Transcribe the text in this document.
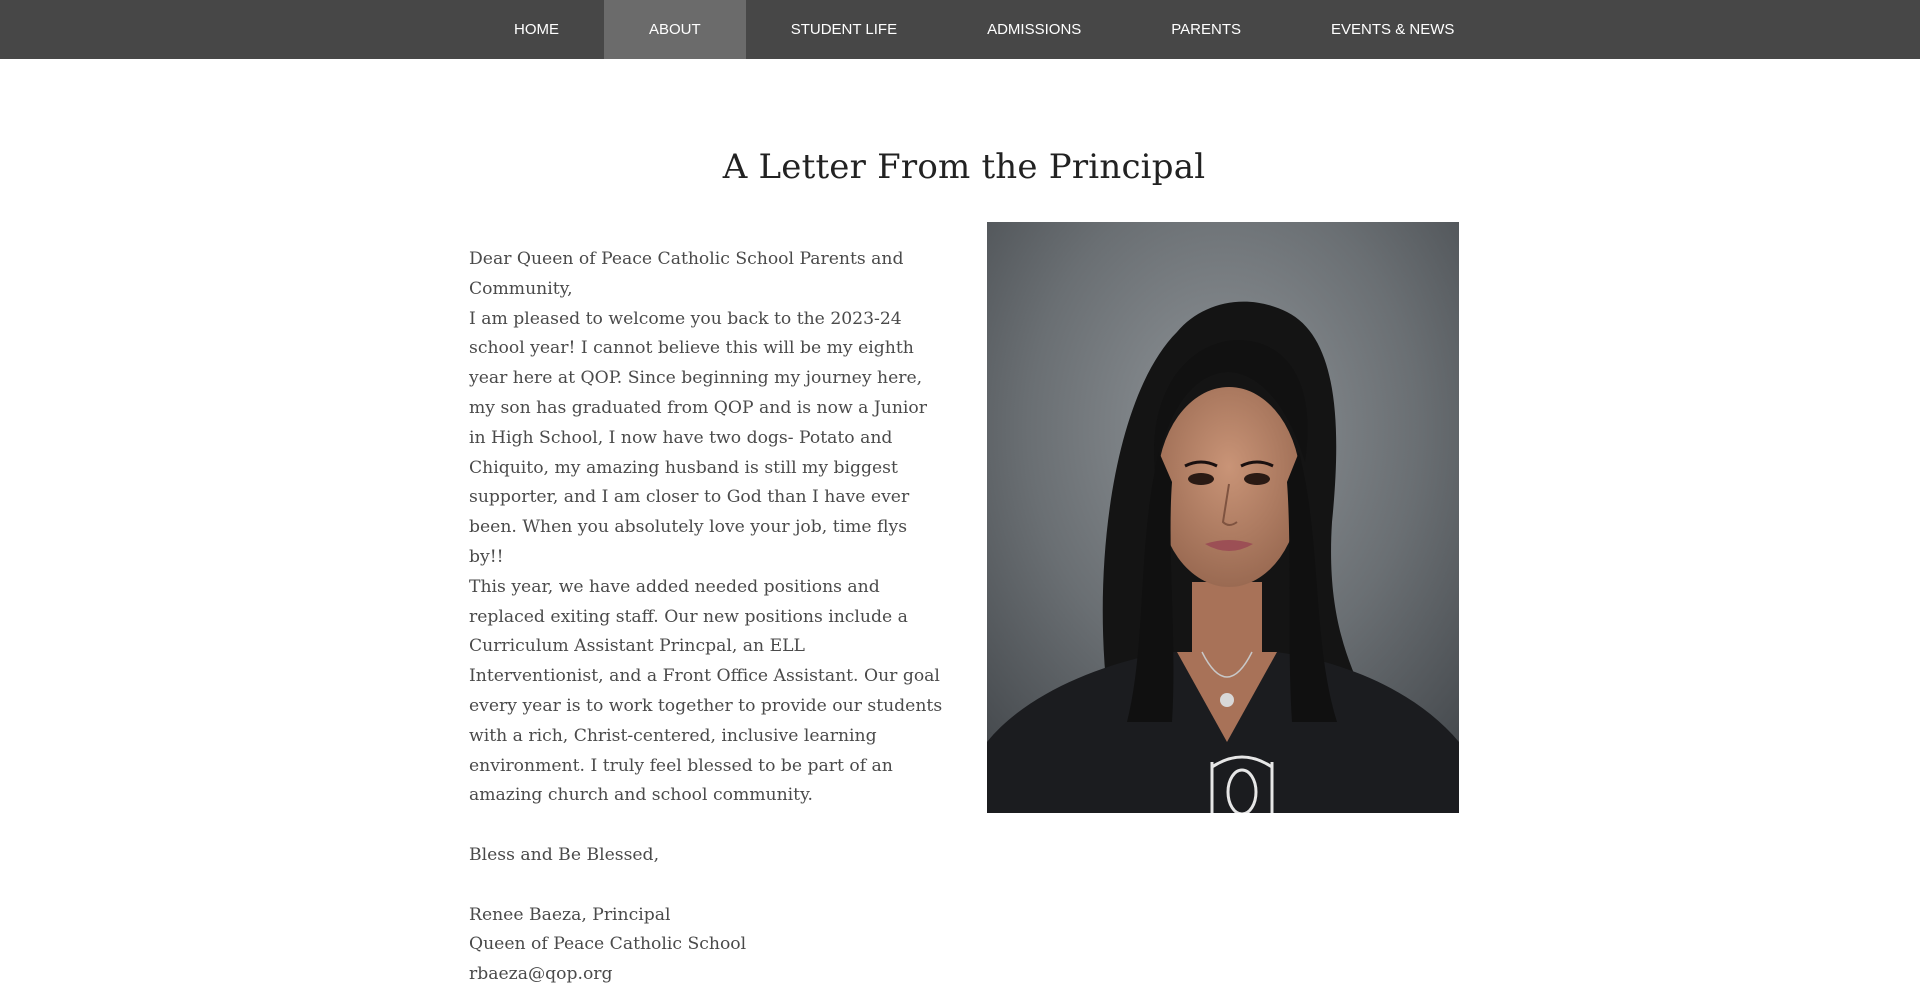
HOME	ABOUT	STUDENT LIFE	ADMISSIONS	PARENTS	EVENTS & NEWS
A Letter From the Principal

Dear Queen of Peace Catholic School Parents and Community,

I am pleased to welcome you back to the 2023-24 school year! I cannot believe this will be my eighth year here at QOP. Since beginning my journey here, my son has graduated from QOP and is now a Junior in High School, I now have two dogs- Potato and Chiquito, my amazing husband is still my biggest supporter, and I am closer to God than I have ever been. When you absolutely love your job, time flys by!!

This year, we have added needed positions and replaced exiting staff. Our new positions include a Curriculum Assistant Princpal, an ELL Interventionist, and a Front Office Assistant. Our goal every year is to work together to provide our students with a rich, Christ-centered, inclusive learning environment. I truly feel blessed to be part of an amazing church and school community.

Bless and Be Blessed,

Renee Baeza, Principal

Queen of Peace Catholic School

rbaeza@qop.org
